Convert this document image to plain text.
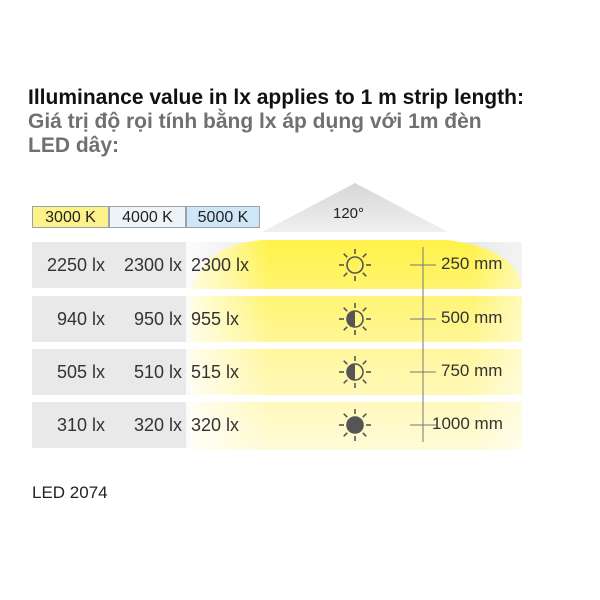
Illuminance value in lx applies to 1 m strip length:
Giá trị độ rọi tính bằng lx áp dụng với 1m đèn
LED dây:
3000 K	4000 K	5000 K	120°
2250 lx	2300 lx 2300 lx	250 mm
940 lx	950 lx 955 lx	500 mm
505 lx	510 lx 515 lx	750 mm
310 lx	320 lx 320 lx	1000 mm
LED 2074
